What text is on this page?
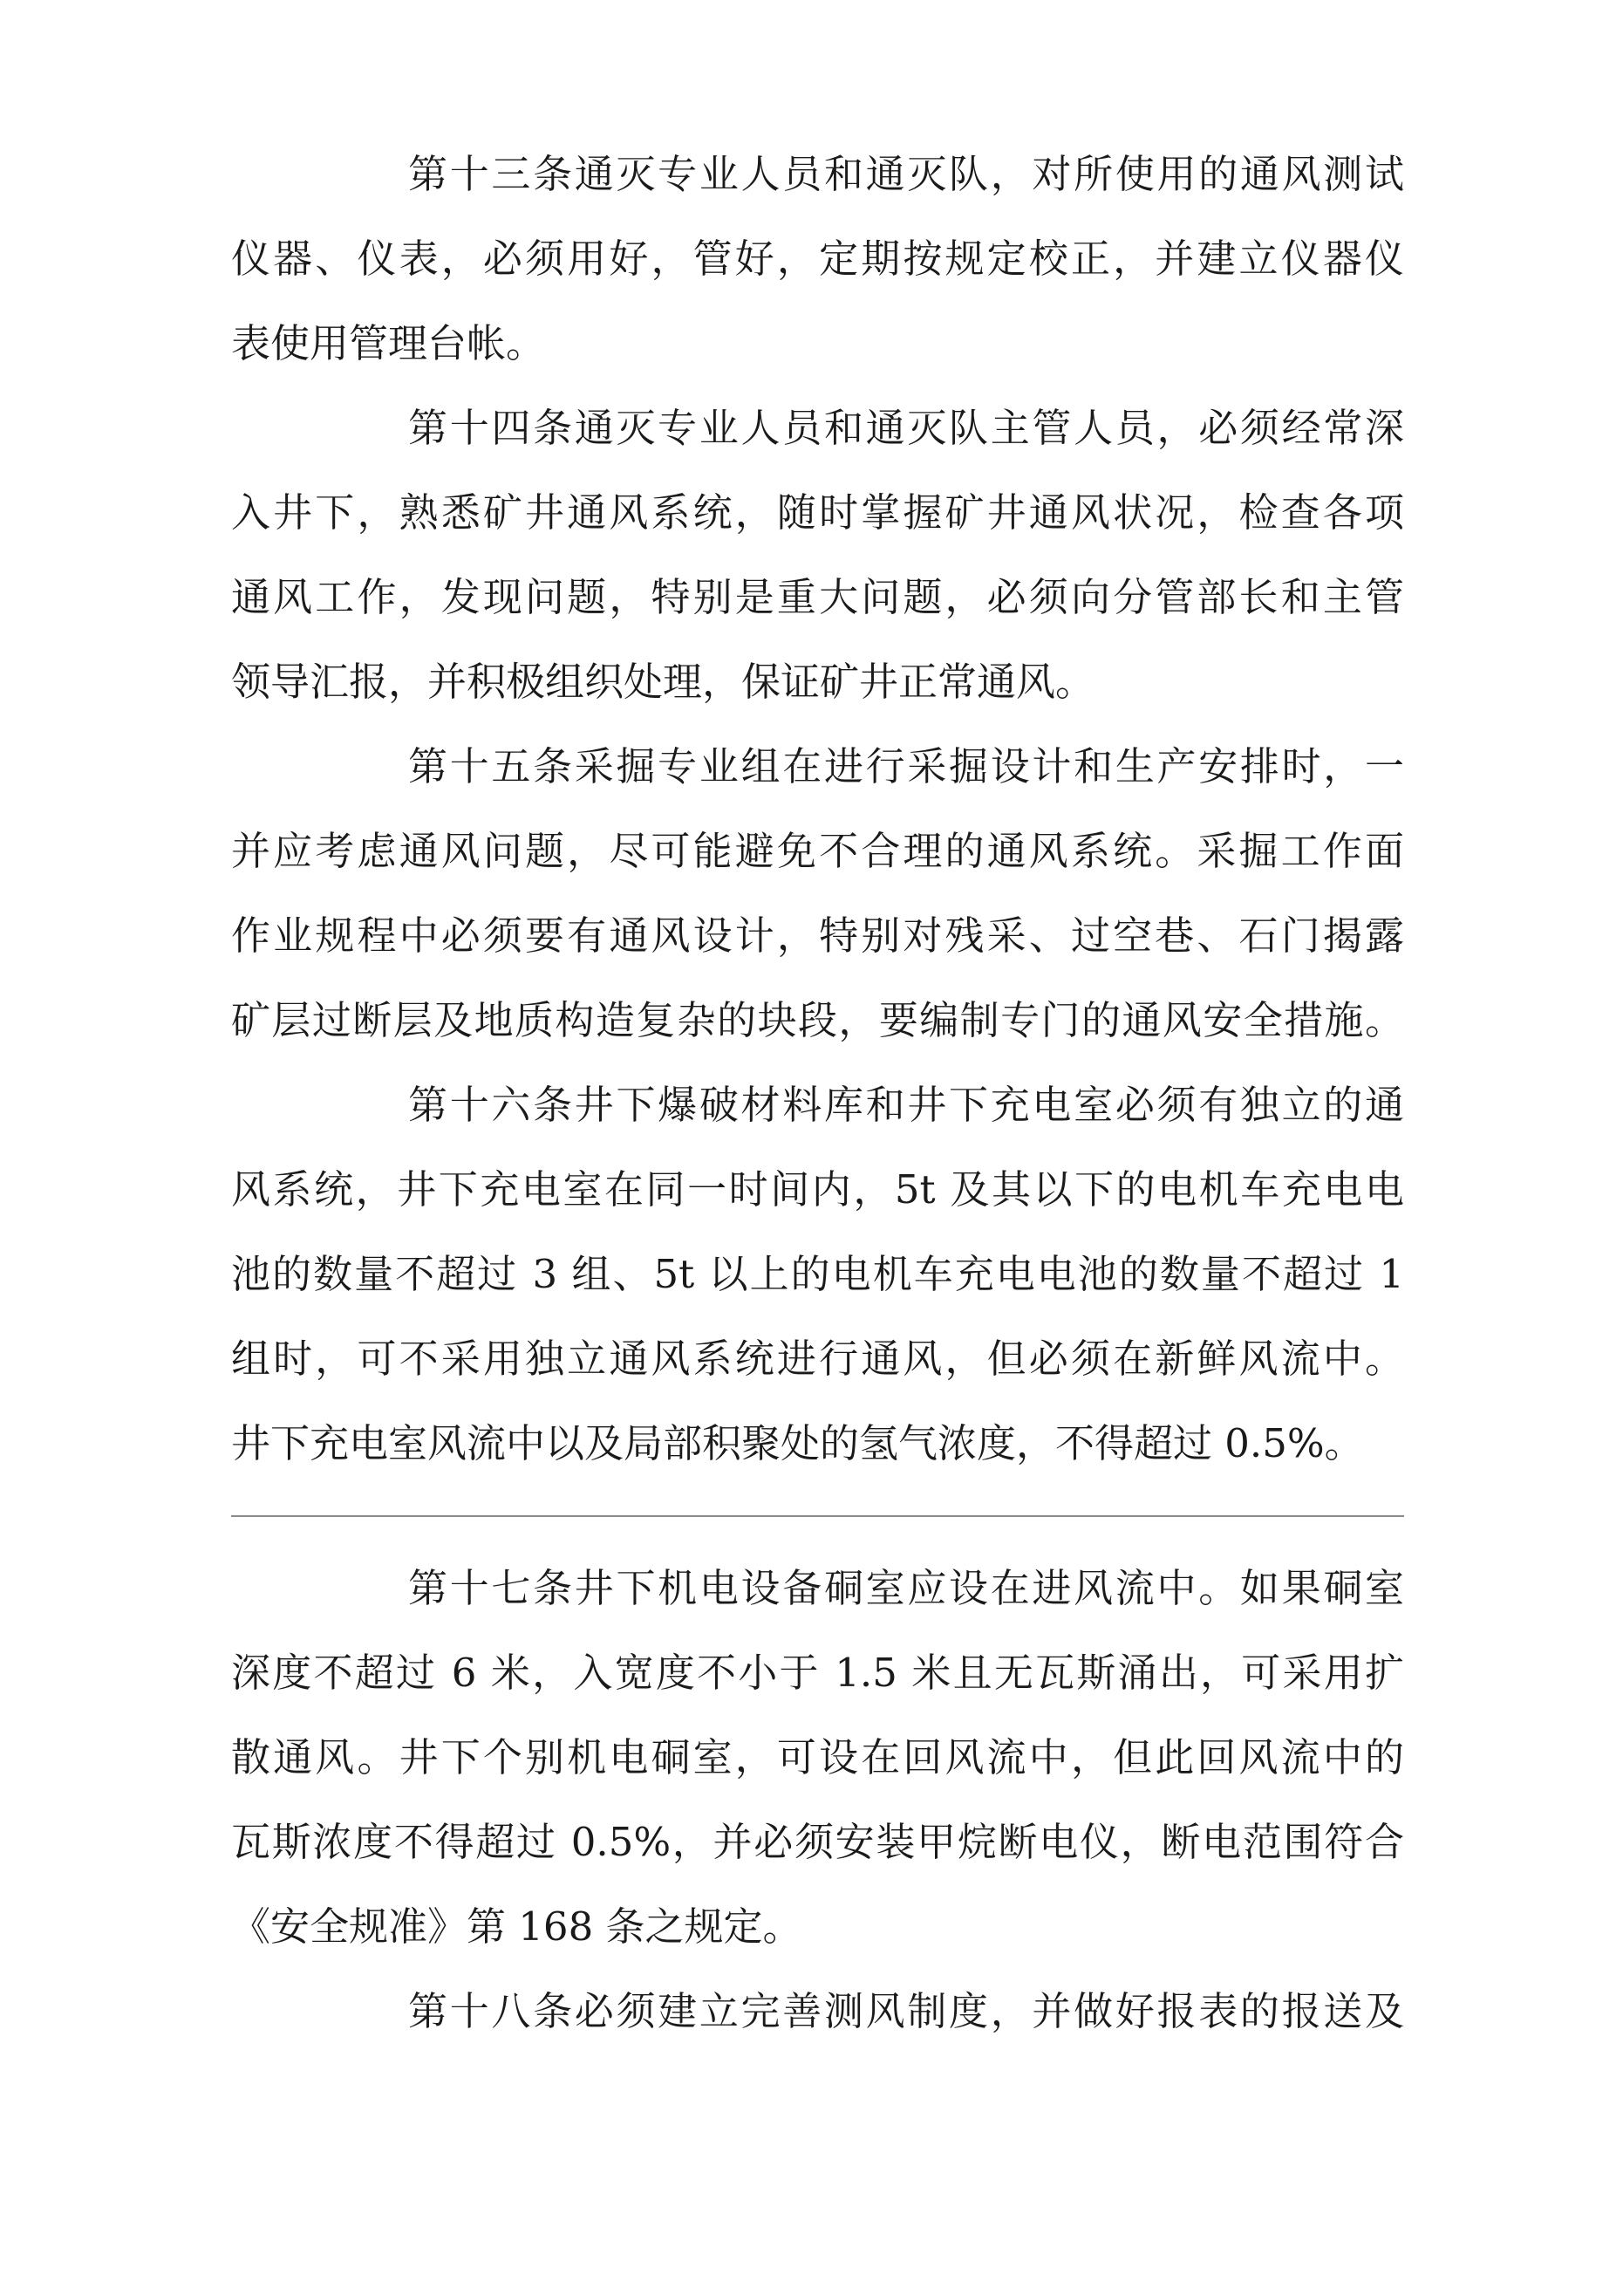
第十三条通灭专业人员和通灭队，对所使用的通风测试
仪器、仪表，必须用好，管好，定期按规定校正，并建立仪器仪
表使用管理台帐。
第十四条通灭专业人员和通灭队主管人员，必须经常深
入井下，熟悉矿井通风系统，随时掌握矿井通风状况，检查各项
通风工作，发现问题，特别是重大问题，必须向分管部长和主管
领导汇报，并积极组织处理，保证矿井正常通风。
第十五条采掘专业组在进行采掘设计和生产安排时，一
并应考虑通风问题，尽可能避免不合理的通风系统。采掘工作面
作业规程中必须要有通风设计，特别对残采、过空巷、石门揭露
矿层过断层及地质构造复杂的块段，要编制专门的通风安全措施。
第十六条井下爆破材料库和井下充电室必须有独立的通
风系统，井下充电室在同一时间内，5t 及其以下的电机车充电电
池的数量不超过 3 组、5t 以上的电机车充电电池的数量不超过 1
组时，可不采用独立通风系统进行通风，但必须在新鲜风流中。
井下充电室风流中以及局部积聚处的氢气浓度，不得超过 0.5%。
第十七条井下机电设备硐室应设在进风流中。如果硐室
深度不超过 6 米，入宽度不小于 1.5 米且无瓦斯涌出，可采用扩
散通风。井下个别机电硐室，可设在回风流中，但此回风流中的
瓦斯浓度不得超过 0.5%，并必须安装甲烷断电仪，断电范围符合
《安全规准》第 168 条之规定。
第十八条必须建立完善测风制度，并做好报表的报送及
